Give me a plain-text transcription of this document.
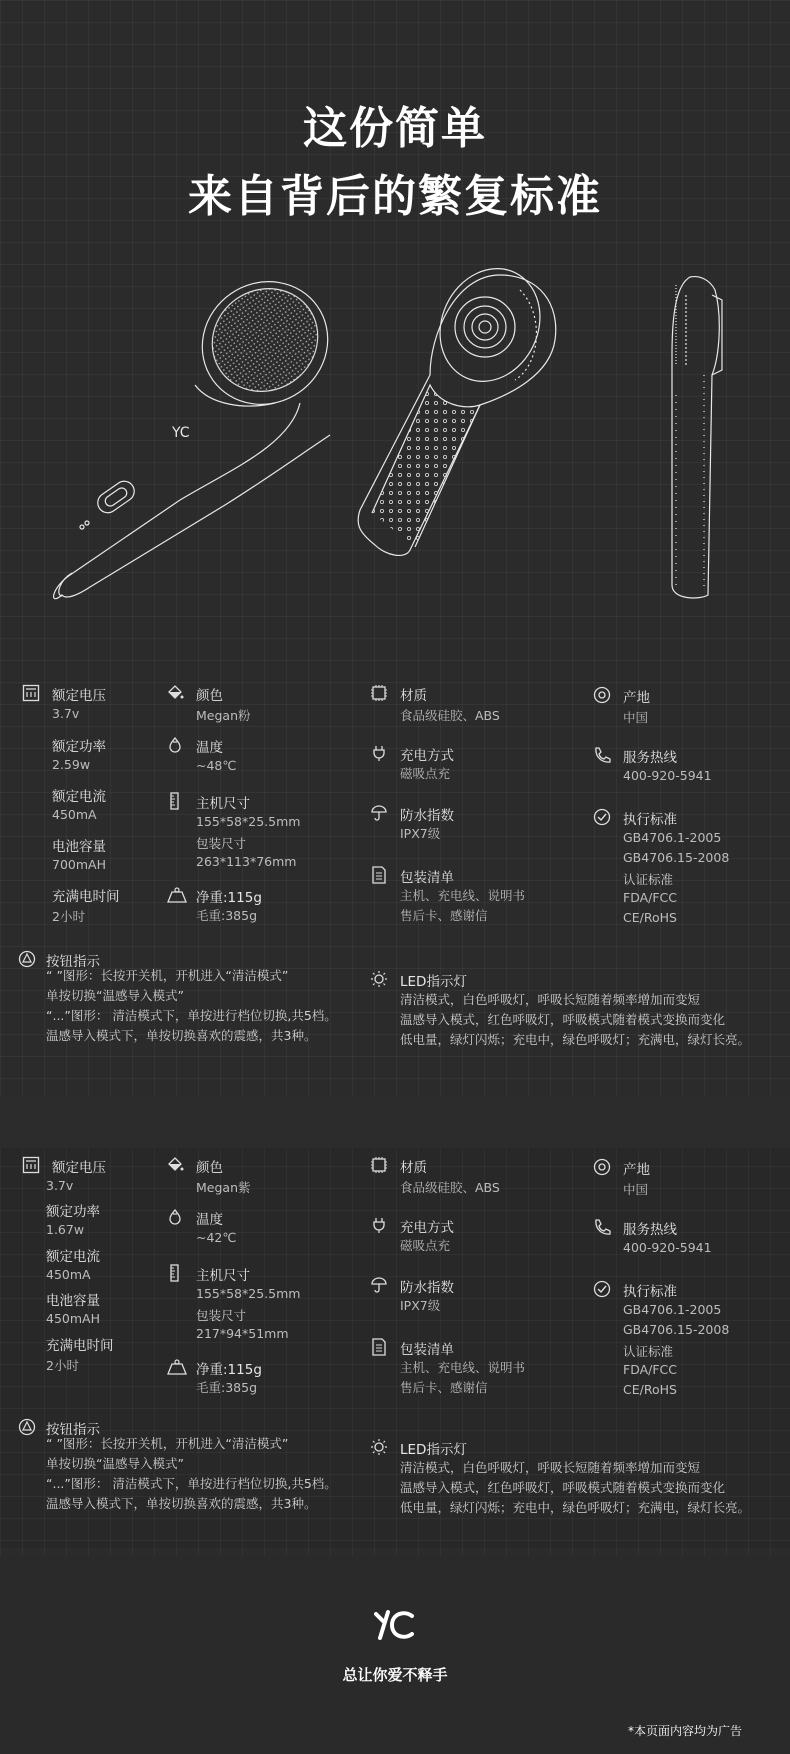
这份简单
来自背后的繁复标准
YC
额定电压
3.7v
额定功率
2.59w
额定电流
450mA
电池容量
700mAH
充满电时间
2小时
颜色
Megan粉
温度
~48℃
主机尺寸
155*58*25.5mm
包装尺寸
263*113*76mm
净重:115g
毛重:385g
材质
食品级硅胶、ABS
充电方式
磁吸点充
防水指数
IPX7级
包装清单
主机、充电线、说明书
售后卡、感谢信
产地
中国
服务热线
400-920-5941
执行标准
GB4706.1-2005
GB4706.15-2008
认证标准
FDA/FCC
CE/RoHS
按钮指示
“ ”图形：长按开关机，开机进入“清洁模式”
单按切换“温感导入模式”
“...”图形： 清洁模式下，单按进行档位切换,共5档。
温感导入模式下，单按切换喜欢的震感，共3种。
LED指示灯
清洁模式，白色呼吸灯，呼吸长短随着频率增加而变短
温感导入模式，红色呼吸灯，呼吸模式随着模式变换而变化
低电量，绿灯闪烁；充电中，绿色呼吸灯；充满电，绿灯长亮。
额定电压
3.7v
额定功率
1.67w
额定电流
450mA
电池容量
450mAH
充满电时间
2小时
颜色
Megan紫
温度
~42℃
主机尺寸
155*58*25.5mm
包装尺寸
217*94*51mm
净重:115g
毛重:385g
材质
食品级硅胶、ABS
充电方式
磁吸点充
防水指数
IPX7级
包装清单
主机、充电线、说明书
售后卡、感谢信
产地
中国
服务热线
400-920-5941
执行标准
GB4706.1-2005
GB4706.15-2008
认证标准
FDA/FCC
CE/RoHS
按钮指示
“ ”图形：长按开关机，开机进入“清洁模式”
单按切换“温感导入模式”
“...”图形： 清洁模式下，单按进行档位切换,共5档。
温感导入模式下，单按切换喜欢的震感，共3种。
LED指示灯
清洁模式，白色呼吸灯，呼吸长短随着频率增加而变短
温感导入模式，红色呼吸灯，呼吸模式随着模式变换而变化
低电量，绿灯闪烁；充电中，绿色呼吸灯；充满电，绿灯长亮。
总让你爱不释手
*本页面内容均为广告
